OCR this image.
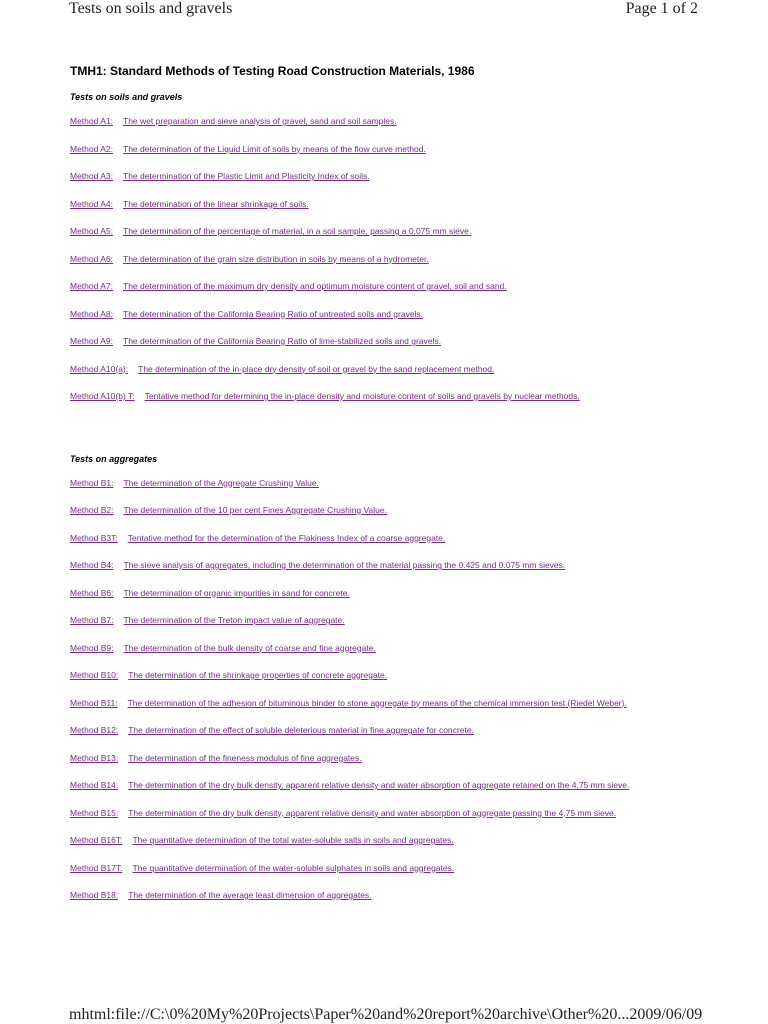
Tests on soils and gravels	Page 1 of 2
TMH1: Standard Methods of Testing Road Construction Materials, 1986
Tests on soils and gravels
Method A1: The wet preparation and sieve analysis of gravel, sand and soil samples.
Method A2: The determination of the Liquid Limit of soils by means of the flow curve method.
Method A3: The determination of the Plastic Limit and Plasticity Index of soils.
Method A4: The determination of the linear shrinkage of soils.
Method A5: The determination of the percentage of material, in a soil sample, passing a 0.075 mm sieve.
Method A6: The determination of the grain size distribution in soils by means of a hydrometer.
Method A7: The determination of the maximum dry density and optimum moisture content of gravel, soil and sand.
Method A8: The determination of the California Bearing Ratio of untreated soils and gravels.
Method A9: The determination of the California Bearing Ratio of lime-stabilized soils and gravels.
Method A10(a): The determination of the in-place dry density of soil or gravel by the sand replacement method.
Method A10(b) T: Tentative method for determining the in-place density and moisture content of soils and gravels by nuclear methods.
Tests on aggregates
Method B1: The determination of the Aggregate Crushing Value.
Method B2: The determination of the 10 per cent Fines Aggregate Crushing Value.
Method B3T: Tentative method for the determination of the Flakiness Index of a coarse aggregate.
Method B4: The sieve analysis of aggregates, including the determination of the material passing the 0.425 and 0.075 mm sieves.
Method B6: The determination of organic impurities in sand for concrete.
Method B7: The determination of the Treton impact value of aggregate.
Method B9: The determination of the bulk density of coarse and fine aggregate.
Method B10: The determination of the shrinkage properties of concrete aggregate.
Method B11: The determination of the adhesion of bituminous binder to stone aggregate by means of the chemical immersion test (Riedel Weber).
Method B12: The determination of the effect of soluble deleterious material in fine aggregate for concrete.
Method B13: The determination of the fineness modulus of fine aggregates.
Method B14: The determination of the dry bulk density, apparent relative density and water absorption of aggregate retained on the 4,75 mm sieve.
Method B15: The determination of the dry bulk density, apparent relative density and water absorption of aggregate passing the 4,75 mm sieve.
Method B16T: The quantitative determination of the total water-soluble salts in soils and aggregates.
Method B17T: The quantitative determination of the water-soluble sulphates in soils and aggregates.
Method B18: The determination of the average least dimension of aggregates.
mhtml:file://C:\0%20My%20Projects\Paper%20and%20report%20archive\Other%20... 2009/06/09
